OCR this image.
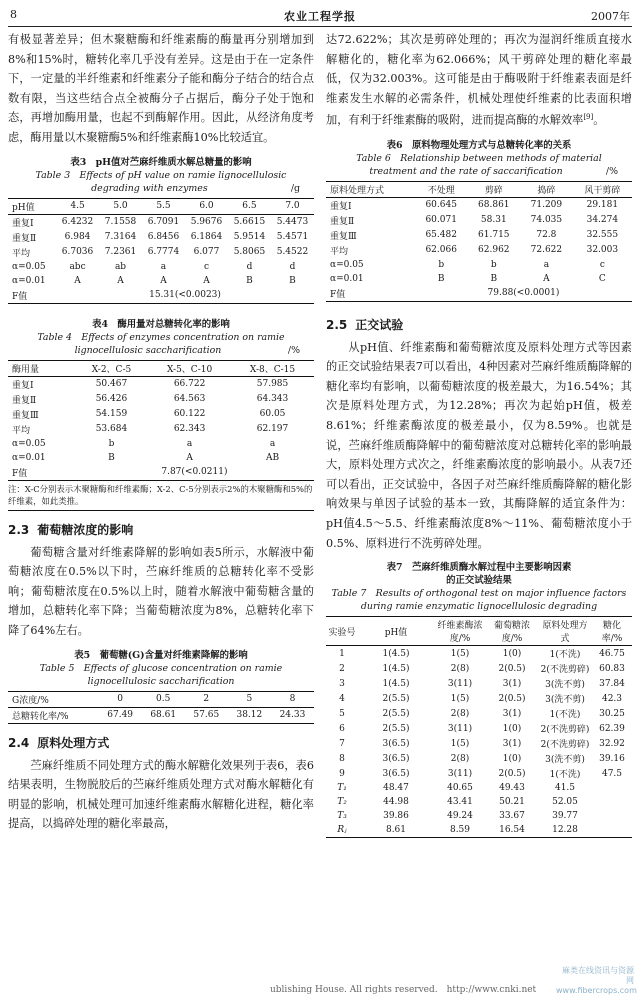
8	农业工程学报	2007年

有极显著差异；但木聚糖酶和纤维素酶的酶量再分别增加到8%和15%时，糖转化率几乎没有差异。这是由于在一定条件下，一定量的半纤维素和纤维素分子能和酶分子结合的结合点数有限，当这些结合点全被酶分子占据后，酶分子处于饱和态，再增加酶用量，也起不到酶解作用。因此，从经济角度考虑，酶用量以木聚糖酶5%和纤维素酶10%比较适宜。

表3　pH值对苎麻纤维质水解总糖量的影响
Table 3　Effects of pH value on ramie lignocellulosic
degrading with enzymes	/g
pH值	4.5	5.0	5.5	6.0	6.5	7.0
重复Ⅰ	6.4232	7.1558	6.7091	5.9676	5.6615	5.4473
重复Ⅱ	6.984	7.3164	6.8456	6.1864	5.9514	5.4571
平均	6.7036	7.2361	6.7774	6.077	5.8065	5.4522
α=0.05	abc	ab	a	c	d	d
α=0.01	A	A	A	A	B	B
F值	15.31(<0.0023)					
表4　酶用量对总糖转化率的影响
Table 4　Effects of enzymes concentration on ramie
lignocellulosic saccharification	/%
酶用量	X-2、C-5	X-5、C-10	X-8、C-15
重复Ⅰ	50.467	66.722	57.985
重复Ⅱ	56.426	64.563	64.343
重复Ⅲ	54.159	60.122	60.05
平均	53.684	62.343	62.197
α=0.05	b	a	a
α=0.01	B	A	AB
F值	7.87(<0.0211)		
注：X-C分别表示木聚糖酶和纤维素酶；X-2、C-5分别表示2%的木聚糖酶和5%的纤维素，如此类推。
2.3 葡萄糖浓度的影响

葡萄糖含量对纤维素降解的影响如表5所示，水解液中葡萄糖浓度在0.5%以下时，苎麻纤维质的总糖转化率不受影响；葡萄糖浓度在0.5%以上时，随着水解液中葡萄糖含量的增加，总糖转化率下降；当葡萄糖浓度为8%，总糖转化率下降了64%左右。

表5　葡萄糖(G)含量对纤维素降解的影响
Table 5　Effects of glucose concentration on ramie
lignocellulosic saccharification
G浓度/%	0	0.5	2	5	8
总糖转化率/%	67.49	68.61	57.65	38.12	24.33
2.4 原料处理方式

苎麻纤维质不同处理方式的酶水解糖化效果列于表6，表6结果表明，生物脱胶后的苎麻纤维质处理方式对酶水解糖化有明显的影响，机械处理可加速纤维素酶水解糖化进程，糖化率提高，以捣碎处理的糖化率最高，

达72.622%；其次是剪碎处理的；再次为湿润纤维质直接水解糖化的，糖化率为62.066%；风干剪碎处理的糖化率最低，仅为32.003%。这可能是由于酶吸附于纤维素表面是纤维素发生水解的必需条件，机械处理使纤维素的比表面积增加，有利于纤维素酶的吸附，进而提高酶的水解效率[9]。

表6　原料物理处理方式与总糖转化率的关系
Table 6　Relationship between methods of material
treatment and the rate of saccarification	/%
原料处理方式	不处理	剪碎	捣碎	风干剪碎
重复Ⅰ	60.645	68.861	71.209	29.181
重复Ⅱ	60.071	58.31	74.035	34.274
重复Ⅲ	65.482	61.715	72.8	32.555
平均	62.066	62.962	72.622	32.003
α=0.05	b	b	a	c
α=0.01	B	B	A	C
F值	79.88(<0.0001)			
2.5 正交试验

从pH值、纤维素酶和葡萄糖浓度及原料处理方式等因素的正交试验结果表7可以看出，4种因素对苎麻纤维质酶降解的糖化率均有影响，以葡萄糖浓度的极差最大，为16.54%；其次是原料处理方式，为12.28%；再次为起始pH值，极差8.61%；纤维素酶浓度的极差最小，仅为8.59%。也就是说，苎麻纤维质酶降解中的葡萄糖浓度对总糖转化率的影响最大，原料处理方式次之，纤维素酶浓度的影响最小。从表7还可以看出，正交试验中，各因子对苎麻纤维质酶降解的糖化影响效果与单因子试验的基本一致，其酶降解的适宜条件为：pH值4.5～5.5、纤维素酶浓度8%～11%、葡萄糖浓度小于0.5%、原料进行不洗剪碎处理。

表7　苎麻纤维质酶水解过程中主要影响因素
的正交试验结果
Table 7　Results of orthogonal test on major influence factors
during ramie enzymatic lignocellulosic degrading
实验号	pH值	纤维素酶浓度/%	葡萄糖浓度/%	原料处理方式	糖化率/%
1	1(4.5)	1(5)	1(0)	1(不洗)	46.75
2	1(4.5)	2(8)	2(0.5)	2(不洗剪碎)	60.83
3	1(4.5)	3(11)	3(1)	3(洗不剪)	37.84
4	2(5.5)	1(5)	2(0.5)	3(洗不剪)	42.3
5	2(5.5)	2(8)	3(1)	1(不洗)	30.25
6	2(5.5)	3(11)	1(0)	2(不洗剪碎)	62.39
7	3(6.5)	1(5)	3(1)	2(不洗剪碎)	32.92
8	3(6.5)	2(8)	1(0)	3(洗不剪)	39.16
9	3(6.5)	3(11)	2(0.5)	1(不洗)	47.5
T₁	48.47	40.65	49.43	41.5	
T₂	44.98	43.41	50.21	52.05	
T₃	39.86	49.24	33.67	39.77	
Rⱼ	8.61	8.59	16.54	12.28	
ublishing House. All rights reserved.　http://www.cnki.net
麻类在线资讯与资源网 www.fibercrops.com
